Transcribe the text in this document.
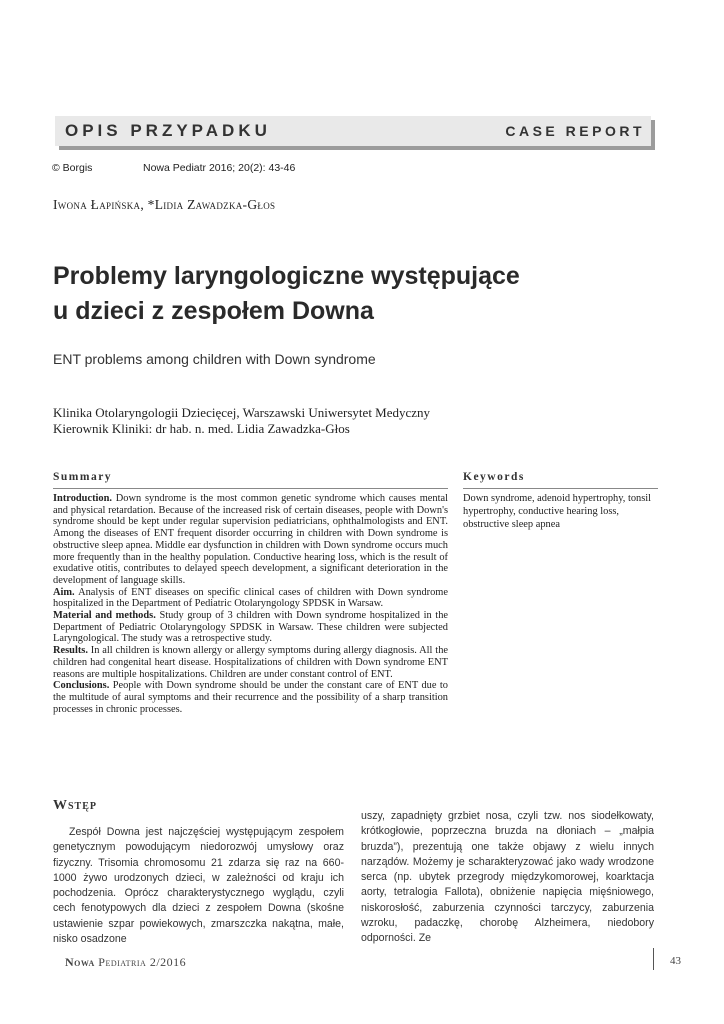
OPIS PRZYPADKU	CASE REPORT
© Borgis	Nowa Pediatr 2016; 20(2): 43-46
Iwona Łapińska, *Lidia Zawadzka-Głos
Problemy laryngologiczne występujące
u dzieci z zespołem Downa
ENT problems among children with Down syndrome
Klinika Otolaryngologii Dziecięcej, Warszawski Uniwersytet Medyczny
Kierownik Kliniki: dr hab. n. med. Lidia Zawadzka-Głos
Summary	Keywords

Introduction. Down syndrome is the most common genetic syndrome which causes mental and physical retardation. Because of the increased risk of certain diseases, people with Down's syndrome should be kept under regular supervision pediatricians, ophthalmologists and ENT. Among the diseases of ENT frequent disorder occurring in children with Down syndrome is obstructive sleep apnea. Middle ear dysfunction in children with Down syndrome occurs much more frequently than in the healthy population. Conductive hearing loss, which is the result of exudative otitis, contributes to delayed speech development, a significant deterioration in the development of language skills.

Aim. Analysis of ENT diseases on specific clinical cases of children with Down syndrome hospitalized in the Department of Pediatric Otolaryngology SPDSK in Warsaw.

Material and methods. Study group of 3 children with Down syndrome hospitalized in the Department of Pediatric Otolaryngology SPDSK in Warsaw. These children were subjected Laryngological. The study was a retrospective study.

Results. In all children is known allergy or allergy symptoms during allergy diagnosis. All the children had congenital heart disease. Hospitalizations of children with Down syndrome ENT reasons are multiple hospitalizations. Children are under constant control of ENT.

Conclusions. People with Down syndrome should be under the constant care of ENT due to the multitude of aural symptoms and their recurrence and the possibility of a sharp transition processes in chronic processes.

Down syndrome, adenoid hypertrophy, tonsil hypertrophy, conductive hearing loss, obstructive sleep apnea
Wstęp

Zespół Downa jest najczęściej występującym zespołem genetycznym powodującym niedorozwój umysłowy oraz fizyczny. Trisomia chromosomu 21 zdarza się raz na 660-1000 żywo urodzonych dzieci, w zależności od kraju ich pochodzenia. Oprócz charakterystycznego wyglądu, czyli cech fenotypowych dla dzieci z zespołem Downa (skośne ustawienie szpar powiekowych, zmarszczka nakątna, małe, nisko osadzone

uszy, zapadnięty grzbiet nosa, czyli tzw. nos siodełkowaty, krótkogłowie, poprzeczna bruzda na dłoniach – „małpia bruzda”), prezentują one także objawy z wielu innych narządów. Możemy je scharakteryzować jako wady wrodzone serca (np. ubytek przegrody międzykomorowej, koarktacja aorty, tetralogia Fallota), obniżenie napięcia mięśniowego, niskorosłość, zaburzenia czynności tarczycy, zaburzenia wzroku, padaczkę, chorobę Alzheimera, niedobory odporności. Ze

Nowa Pediatria 2/2016	43
